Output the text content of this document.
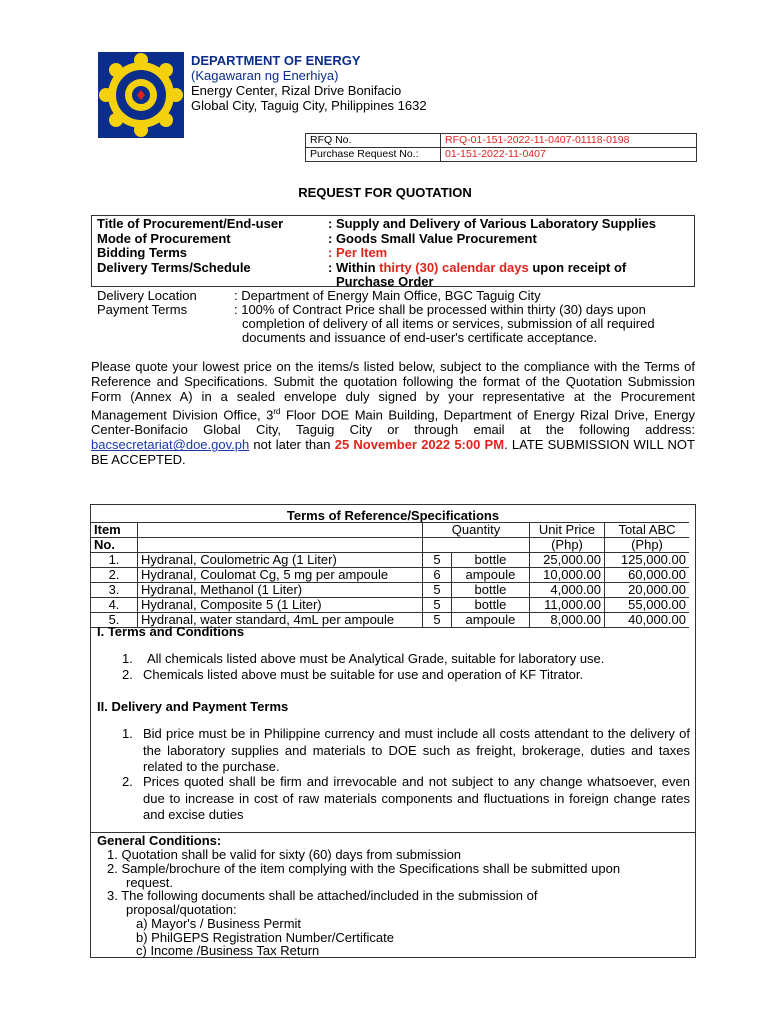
DEPARTMENT OF ENERGY
(Kagawaran ng Enerhiya)
Energy Center, Rizal Drive Bonifacio
Global City, Taguig City, Philippines 1632
RFQ No.	RFQ-01-151-2022-11-0407-01118-0198
Purchase Request No.:	01-151-2022-11-0407
REQUEST FOR QUOTATION
Title of Procurement/End-user	: Supply and Delivery of Various Laboratory Supplies
Mode of Procurement	: Goods Small Value Procurement
Bidding Terms	: Per Item
Delivery Terms/Schedule	: Within thirty (30) calendar days upon receipt of
Purchase Order
Delivery Location	: Department of Energy Main Office, BGC Taguig City
Payment Terms	: 100% of Contract Price shall be processed within thirty (30) days upon
completion of delivery of all items or services, submission of all required
documents and issuance of end-user's certificate acceptance.
Please quote your lowest price on the items/s listed below, subject to the compliance with the Terms of Reference and Specifications. Submit the quotation following the format of the Quotation Submission Form (Annex A) in a sealed envelope duly signed by your representative at the Procurement Management Division Office, 3rd Floor DOE Main Building, Department of Energy Rizal Drive, Energy Center-Bonifacio Global City, Taguig City or through email at the following address: bacsecretariat@doe.gov.ph not later than 25 November 2022 5:00 PM. LATE SUBMISSION WILL NOT BE ACCEPTED.
Terms of Reference/Specifications
Item		Quantity		Unit Price	Total ABC
No.				(Php)	(Php)
1.	Hydranal, Coulometric Ag (1 Liter)	5	bottle	25,000.00	125,000.00
2.	Hydranal, Coulomat Cg, 5 mg per ampoule	6	ampoule	10,000.00	60,000.00
3.	Hydranal, Methanol (1 Liter)	5	bottle	4,000.00	20,000.00
4.	Hydranal, Composite 5 (1 Liter)	5	bottle	11,000.00	55,000.00
5.	Hydranal, water standard, 4mL per ampoule	5	ampoule	8,000.00	40,000.00
I. Terms and Conditions
1. All chemicals listed above must be Analytical Grade, suitable for laboratory use.
2. Chemicals listed above must be suitable for use and operation of KF Titrator.
II. Delivery and Payment Terms
1. Bid price must be in Philippine currency and must include all costs attendant to the delivery of the laboratory supplies and materials to DOE such as freight, brokerage, duties and taxes related to the purchase.
2. Prices quoted shall be firm and irrevocable and not subject to any change whatsoever, even due to increase in cost of raw materials components and fluctuations in foreign change rates and excise duties
General Conditions:
1. Quotation shall be valid for sixty (60) days from submission
2. Sample/brochure of the item complying with the Specifications shall be submitted upon
request.
3. The following documents shall be attached/included in the submission of
proposal/quotation:
a) Mayor's / Business Permit
b) PhilGEPS Registration Number/Certificate
c) Income /Business Tax Return
